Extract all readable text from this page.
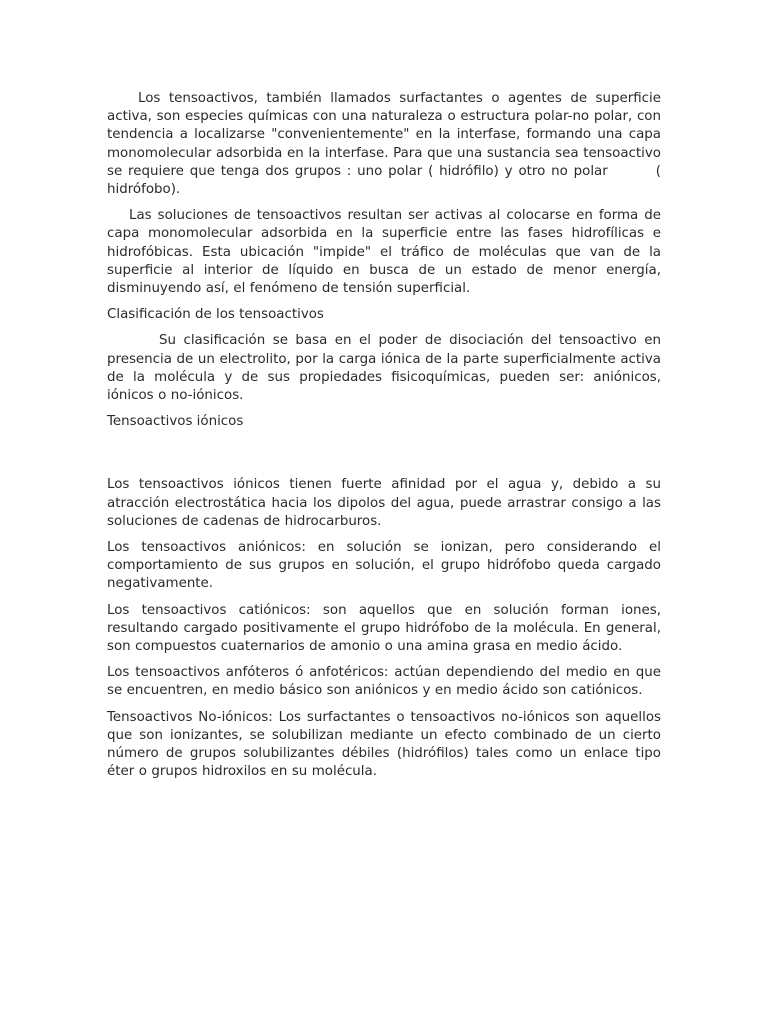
Los tensoactivos, también llamados surfactantes o agentes de superficie activa, son especies químicas con una naturaleza o estructura polar-no polar, con tendencia a localizarse "convenientemente" en la interfase, formando una capa monomolecular adsorbida en la interfase. Para que una sustancia sea tensoactivo se requiere que tenga dos grupos : uno polar ( hidrófilo) y otro no polar	( hidrófobo).

Las soluciones de tensoactivos resultan ser activas al colocarse en forma de capa monomolecular adsorbida en la superficie entre las fases hidrofílicas e hidrofóbicas. Esta ubicación "impide" el tráfico de moléculas que van de la superficie al interior de líquido en busca de un estado de menor energía, disminuyendo así, el fenómeno de tensión superficial.

Clasificación de los tensoactivos

Su clasificación se basa en el poder de disociación del tensoactivo en presencia de un electrolito, por la carga iónica de la parte superficialmente activa de la molécula y de sus propiedades fisicoquímicas, pueden ser: aniónicos, iónicos o no-iónicos.

Tensoactivos iónicos

Los tensoactivos iónicos tienen fuerte afinidad por el agua y, debido a su atracción electrostática hacia los dipolos del agua, puede arrastrar consigo a las soluciones de cadenas de hidrocarburos.

Los tensoactivos aniónicos: en solución se ionizan, pero considerando el comportamiento de sus grupos en solución, el grupo hidrófobo queda cargado negativamente.

Los tensoactivos catiónicos: son aquellos que en solución forman iones, resultando cargado positivamente el grupo hidrófobo de la molécula. En general, son compuestos cuaternarios de amonio o una amina grasa en medio ácido.

Los tensoactivos anfóteros ó anfotéricos: actúan dependiendo del medio en que se encuentren, en medio básico son aniónicos y en medio ácido son catiónicos.

Tensoactivos No-iónicos: Los surfactantes o tensoactivos no-iónicos son aquellos que son ionizantes, se solubilizan mediante un efecto combinado de un cierto número de grupos solubilizantes débiles (hidrófilos) tales como un enlace tipo éter o grupos hidroxilos en su molécula.
